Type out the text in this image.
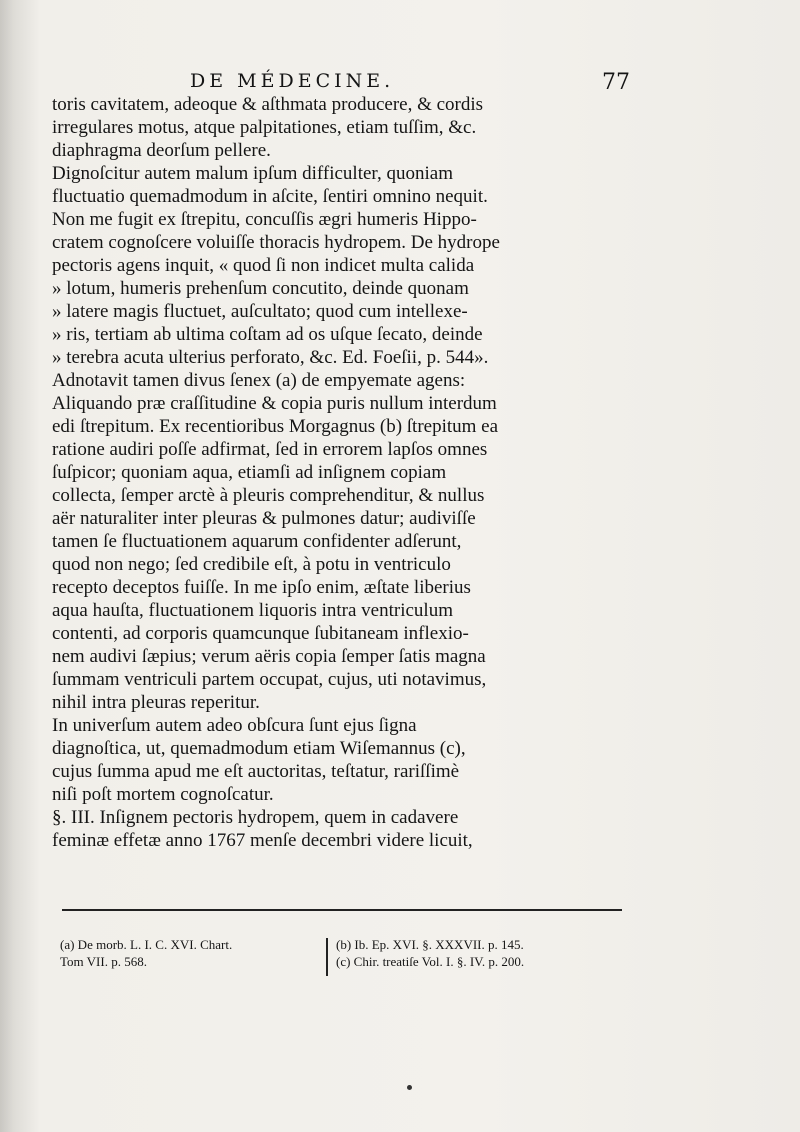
DE MÉDECINE.	77
toris cavitatem, adeoque & aſthmata producere, & cordis
irregulares motus, atque palpitationes, etiam tuſſim, &c.
diaphragma deorſum pellere.
Dignoſcitur autem malum ipſum difficulter, quoniam
fluctuatio quemadmodum in aſcite, ſentiri omnino nequit.
Non me fugit ex ſtrepitu, concuſſis ægri humeris Hippo-
cratem cognoſcere voluiſſe thoracis hydropem. De hydrope
pectoris agens inquit, « quod ſi non indicet multa calida
» lotum, humeris prehenſum concutito, deinde quonam
» latere magis fluctuet, auſcultato; quod cum intellexe-
» ris, tertiam ab ultima coſtam ad os uſque ſecato, deinde
» terebra acuta ulterius perforato, &c. Ed. Foeſii, p. 544».
Adnotavit tamen divus ſenex (a) de empyemate agens:
Aliquando præ craſſitudine & copia puris nullum interdum
edi ſtrepitum. Ex recentioribus Morgagnus (b) ſtrepitum ea
ratione audiri poſſe adfirmat, ſed in errorem lapſos omnes
ſuſpicor; quoniam aqua, etiamſi ad inſignem copiam
collecta, ſemper arctè à pleuris comprehenditur, & nullus
aër naturaliter inter pleuras & pulmones datur; audiviſſe
tamen ſe fluctuationem aquarum confidenter adſerunt,
quod non nego; ſed credibile eſt, à potu in ventriculo
recepto deceptos fuiſſe. In me ipſo enim, æſtate liberius
aqua hauſta, fluctuationem liquoris intra ventriculum
contenti, ad corporis quamcunque ſubitaneam inflexio-
nem audivi ſæpius; verum aëris copia ſemper ſatis magna
ſummam ventriculi partem occupat, cujus, uti notavimus,
nihil intra pleuras reperitur.
In univerſum autem adeo obſcura ſunt ejus ſigna
diagnoſtica, ut, quemadmodum etiam Wiſemannus (c),
cujus ſumma apud me eſt auctoritas, teſtatur, rariſſimè
niſi poſt mortem cognoſcatur.
§. III. Inſignem pectoris hydropem, quem in cadavere
feminæ effetæ anno 1767 menſe decembri videre licuit,
(a) De morb. L. I. C. XVI. Chart.
Tom VII. p. 568.
(b) Ib. Ep. XVI. §. XXXVII. p. 145.
(c) Chir. treatiſe Vol. I. §. IV. p. 200.
